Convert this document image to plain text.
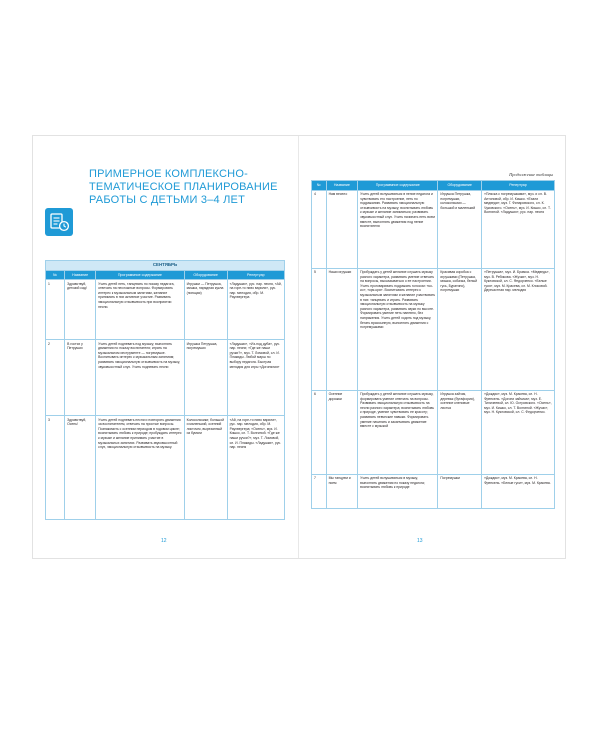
ПРИМЕРНОЕ КОМПЛЕКСНО-
ТЕМАТИЧЕСКОЕ ПЛАНИРОВАНИЕ
РАБОТЫ С ДЕТЬМИ 3–4 ЛЕТ
СЕНТЯБРЬ				
№	Название	Программное содержание	Оборудование	Репертуар
1	Здравствуй, детский сад!	Учить детей петь, танцевать по показу педагога, отвечать на несложные вопросы. Формировать интерес к музыкальным занятиям, желание принимать в них активное участие. Развивать эмоциональную отзывчивость при восприятии песни.	Игрушки — Петрушка, мишка, нарядная кукла (поющая)	«Ладушки», рус. нар. песня, «Ай, на горе-то пиво варили», рус. нар. мелодия, обр. М. Раухвергера
2	В гостях у Петрушки	Учить детей подпевать под музыку; выполнять движения по показу воспитателя; играть на музыкальном инструменте — погремушке. Воспитывать интерес к музыкальным занятиям; развивать эмоциональную отзывчивость на музыку, звуковысотный слух. Учить подпевать песни	Игрушка Петрушка, погремушки	«Ладушки», «Из-под дуба», рус. нар. песни; «Где же наши ручки?», муз. Т. Ломовой, сл. И. Плакиды. Любой марш по выбору педагога. Быстрая мелодия для игры «Догонялки»
3	Здравствуй, Осень!	Учить детей подпевать песни и повторять движения за воспитателем, отвечать на простые вопросы. Познакомить с осенним периодом в годовом цикле; воспитывать любовь к природе; пробуждать интерес к музыке и желание принимать участие в музыкальных занятиях. Развивать звуковысотный слух, эмоциональную отзывчивость на музыку.	Колокольчики; большой и маленький, осенний листочек, вырезанный из бумаги	«Ай, на горе-то пиво варили», рус. нар. мелодия, обр. М. Раухвергера; «Осень», муз. И. Кишко, сл. Т. Волгиной. «Где же наши ручки?», муз. Т. Ломовой, сл. И. Плакиды. «Ладушки», рус. нар. песня
12
Продолжение таблицы
№	Название	Программное содержание	Оборудование	Репертуар
4	Нам весело	Учить детей вслушиваться в пение педагога и чувствовать его настроение, петь по подражанию. Развивать эмоциональную отзывчивость на музыку; воспитывать любовь к музыке и желание заниматься; развивать звуковысотный слух. Учить начинать петь всем вместе, выполнять движения под пение воспитателя	Игрушка Петрушка, погремушки, колокольчики — большой и маленький	«Пляска с погремушками», муз. и сл. В. Антоновой, обр. И. Кишко. «Ехали медведи», муз. Г. Финаровского, сл. К. Чуковского. «Осень», муз. И. Кишко, сл. Т. Волгиной. «Ладушки», рус. нар. песня
5	Наши игрушки	Пробуждать у детей желание слушать музыку разного характера, развивать умение отвечать на вопросы, высказываться о ее настроении. Учить проговаривать подражать голосом: «ко-ко», «кря-кря». Воспитывать интерес к музыкальным занятиям и желание участвовать в них: танцевать и играть. Развивать эмоциональную отзывчивость на музыку разного характера, развивать звуки по высоте. Формировать умение петь напевно, без напряжения. Учить детей ходить под музыку, бегать врассыпную, выполнять движения с погремушками	Красивая коробка с игрушками (Петрушка, мишка, собачка, белый гусь, Буратино), погремушки	«Петрушка», муз. И. Брамса. «Медведь», муз. В. Ребикова. «Жучки», муз. Н. Кукловской, сл. С. Федорченко. «Белые гуси», муз. М. Красева, сл. М. Клоковой. Двухчастная нар. мелодия
6	Осенние дорожки	Пробуждать у детей желание слушать музыку, формировать умение отвечать на вопросы. Развивать эмоциональную отзывчивость на песни разного характера; воспитывать любовь к природе, умение чувствовать ее красоту; развивать певческие навыки. Формировать умение начинать и заканчивать движение вместе с музыкой	Игрушка зайчик, деревья (бутафория), осенние кленовые листья	«Дождик», муз. М. Красева, сл. Н. Френкель. «Догони зайчика», муз. Е. Тиличеевой, сл. Ю. Островского. «Осень», муз. И. Кишко, сл. Т. Волгиной. «Жучки», муз. Н. Кукловской, сл. С. Федорченко.
7	Мы танцуем и поем	Учить детей вслушиваться в музыку, выполнять движения по показу педагога; воспитывать любовь к природе	Погремушки	«Дождик», муз. М. Красева, сл. Н. Френкель. «Белые гуси», муз. М. Красева.
13
